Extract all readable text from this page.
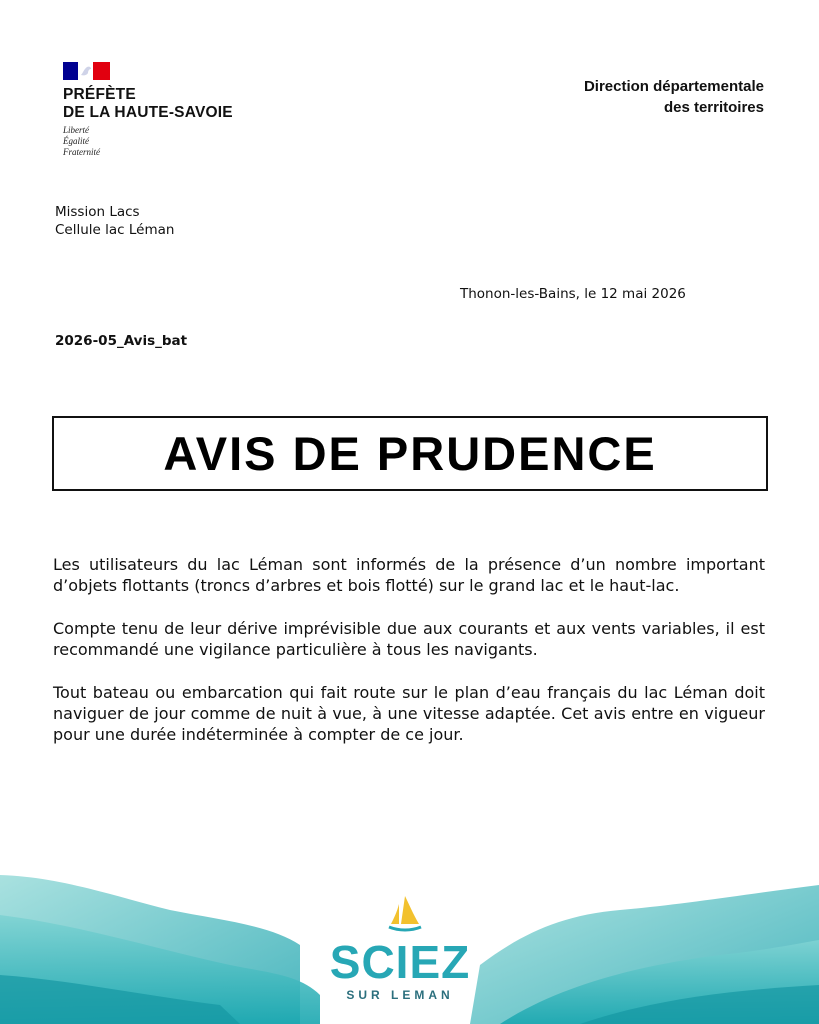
PRÉFÈTE
DE LA HAUTE-SAVOIE
Liberté
Égalité
Fraternité
Direction départementale
des territoires
Mission Lacs
Cellule lac Léman
Thonon-les-Bains, le 12 mai 2026
2026-05_Avis_bat
AVIS DE PRUDENCE

Les utilisateurs du lac Léman sont informés de la présence d’un nombre important d’objets flottants (troncs d’arbres et bois flotté) sur le grand lac et le haut-lac.

Compte tenu de leur dérive imprévisible due aux courants et aux vents variables, il est recommandé une vigilance particulière à tous les navigants.

Tout bateau ou embarcation qui fait route sur le plan d’eau français du lac Léman doit naviguer de jour comme de nuit à vue, à une vitesse adaptée. Cet avis entre en vigueur pour une durée indéterminée à compter de ce jour.

SCIEZ
SUR LEMAN
